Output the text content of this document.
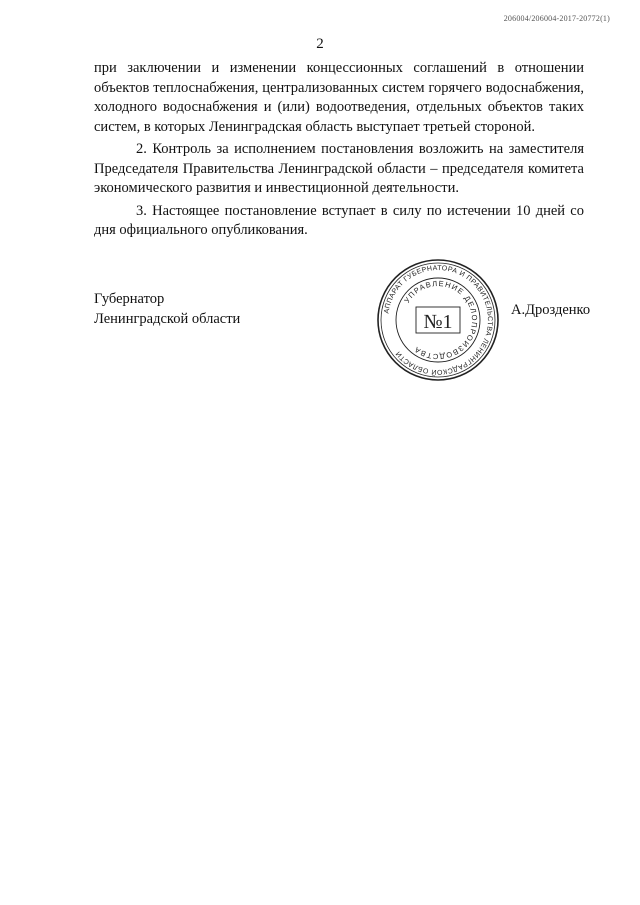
206004/206004-2017-20772(1)
2

при заключении и изменении концессионных соглашений в отношении объектов теплоснабжения, централизованных систем горячего водоснабжения, холодного водоснабжения и (или) водоотведения, отдельных объектов таких систем, в которых Ленинградская область выступает третьей стороной.

2. Контроль за исполнением постановления возложить на заместителя Председателя Правительства Ленинградской области – председателя комитета экономического развития и инвестиционной деятельности.

3. Настоящее постановление вступает в силу по истечении 10 дней со дня официального опубликования.

Губернатор
Ленинградской области	АППАРАТ ГУБЕРНАТОРА И ПРАВИТЕЛЬСТВА ЛЕНИНГРАДСКОЙ ОБЛАСТИ
УПРАВЛЕНИЕ ДЕЛОПРОИЗВОДСТВА
№1
А.Дрозденко
